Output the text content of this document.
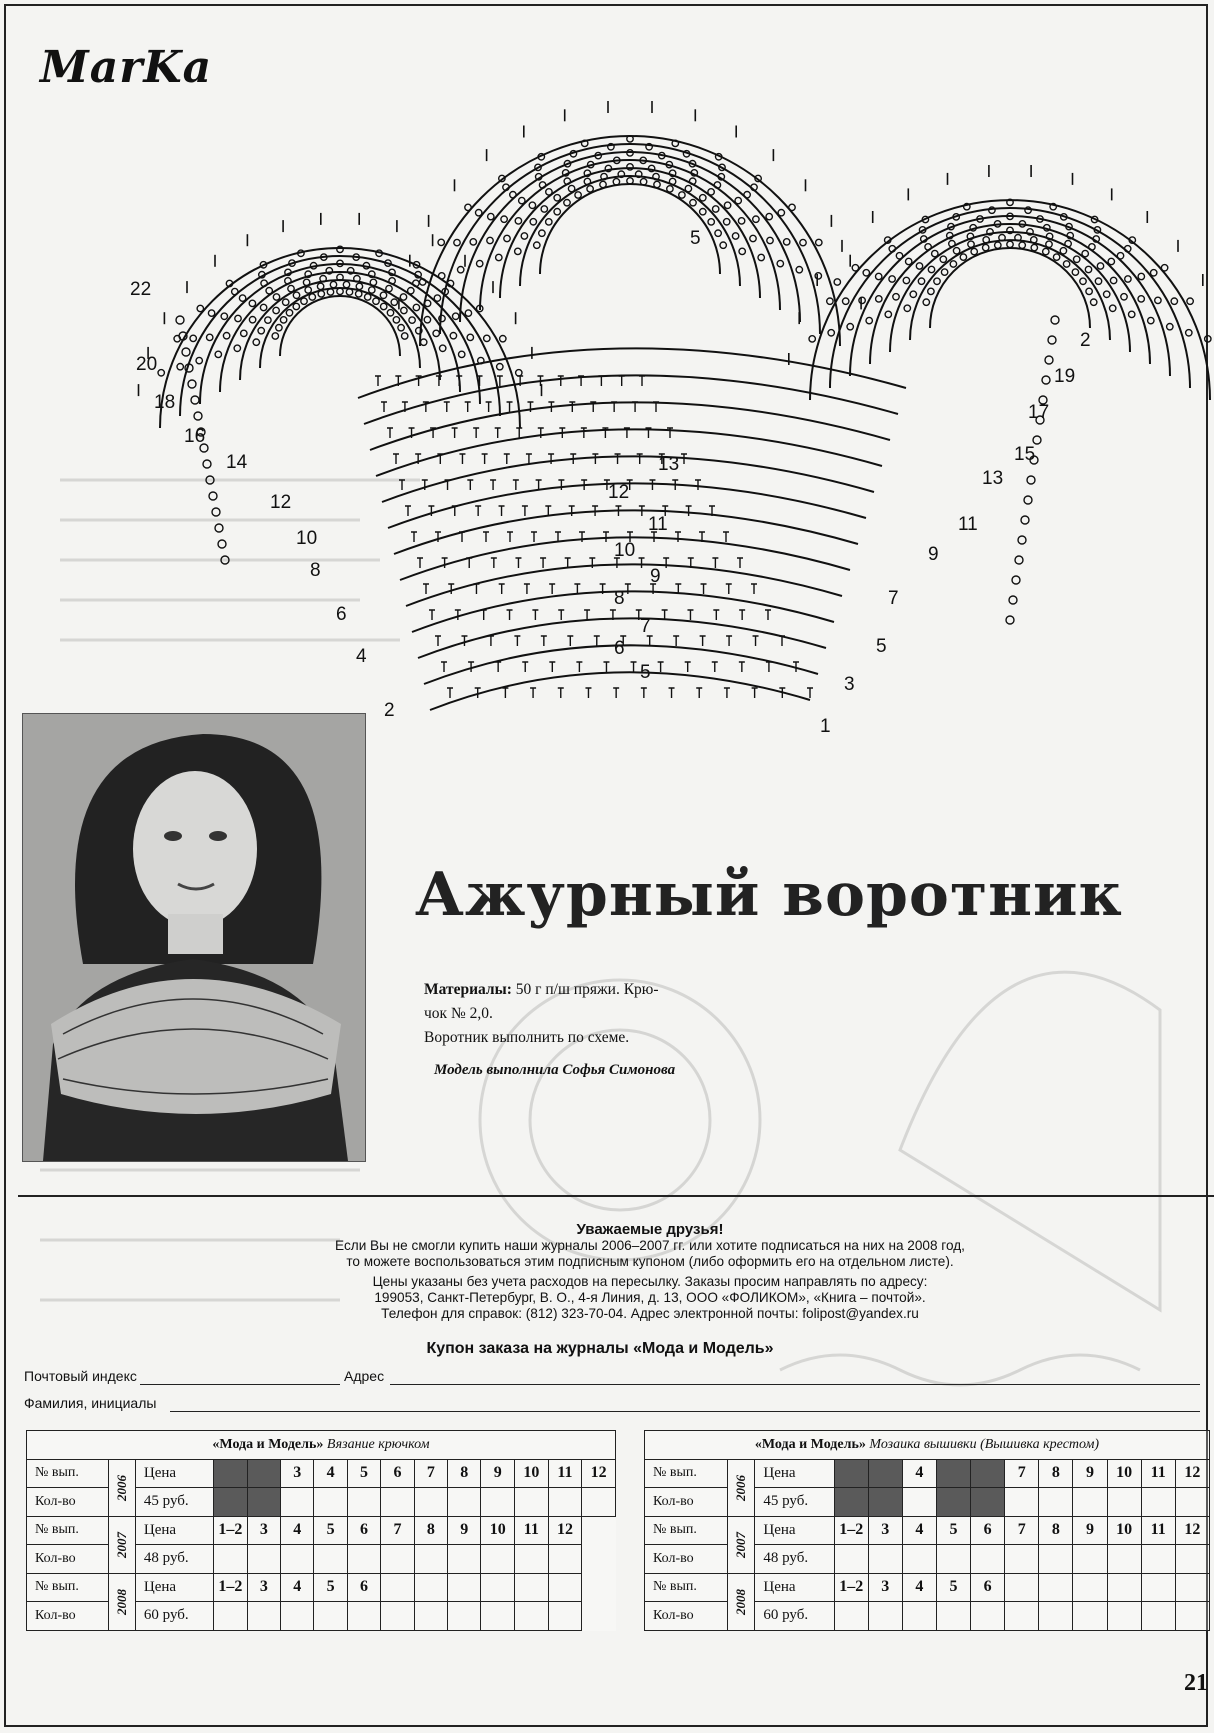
MarKa
22
20
18
16
14
12
10
8
6
4
2
1
3
5
7
9
11
13
15
17
19
2
13
12
11
10
9
8
7
6
5
5
Ажурный воротник
Материалы: 50 г п/ш пряжи. Крю-
чок № 2,0.
Воротник выполнить по схеме.
Модель выполнила Софья Симонова
Уважаемые друзья!
Если Вы не смогли купить наши журналы 2006–2007 гг. или хотите подписаться на них на 2008 год,
то можете воспользоваться этим подписным купоном (либо оформить его на отдельном листе).
Цены указаны без учета расходов на пересылку. Заказы просим направлять по адресу:
199053, Санкт-Петербург, В. О., 4-я Линия, д. 13, ООО «ФОЛИКОМ», «Книга – почтой».
Телефон для справок: (812) 323-70-04. Адрес электронной почты: folipost@yandex.ru
Купон заказа на журналы «Мода и Модель»
Почтовый индекс	Адрес
Фамилия, инициалы
«Мода и Модель» Вязание крючком														
№ вып.	2006	Цена			3	4	5	6	7	8	9	10	11	12
Кол-во		45 руб.												
№ вып.	2007	Цена	1–2	3	4	5	6	7	8	9	10	11	12	
Кол-во		48 руб.												
№ вып.	2008	Цена	1–2	3	4	5	6							
Кол-во		60 руб.												
«Мода и Модель» Мозаика вышивки (Вышивка крестом)													
№ вып.	2006	Цена			4			7	8	9	10	11	12
Кол-во		45 руб.											
№ вып.	2007	Цена	1–2	3	4	5	6	7	8	9	10	11	12
Кол-во		48 руб.											
№ вып.	2008	Цена	1–2	3	4	5	6						
Кол-во		60 руб.											
21
